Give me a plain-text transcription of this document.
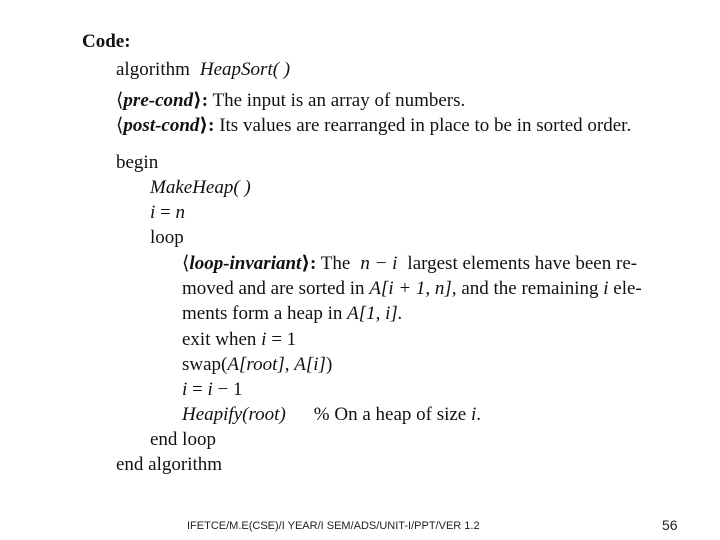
Code:
algorithm HeapSort( )
⟨pre-cond⟩: The input is an array of numbers.
⟨post-cond⟩: Its values are rearranged in place to be in sorted order.
begin
MakeHeap( )
i = n
loop
⟨loop-invariant⟩: The n − i largest elements have been re-
moved and are sorted in A[i + 1, n], and the remaining i ele-
ments form a heap in A[1, i].
exit when i = 1
swap(A[root], A[i])
i = i − 1
Heapify(root) % On a heap of size i.
end loop
end algorithm
IFETCE/M.E(CSE)/I YEAR/I SEM/ADS/UNIT-I/PPT/VER 1.2	56
